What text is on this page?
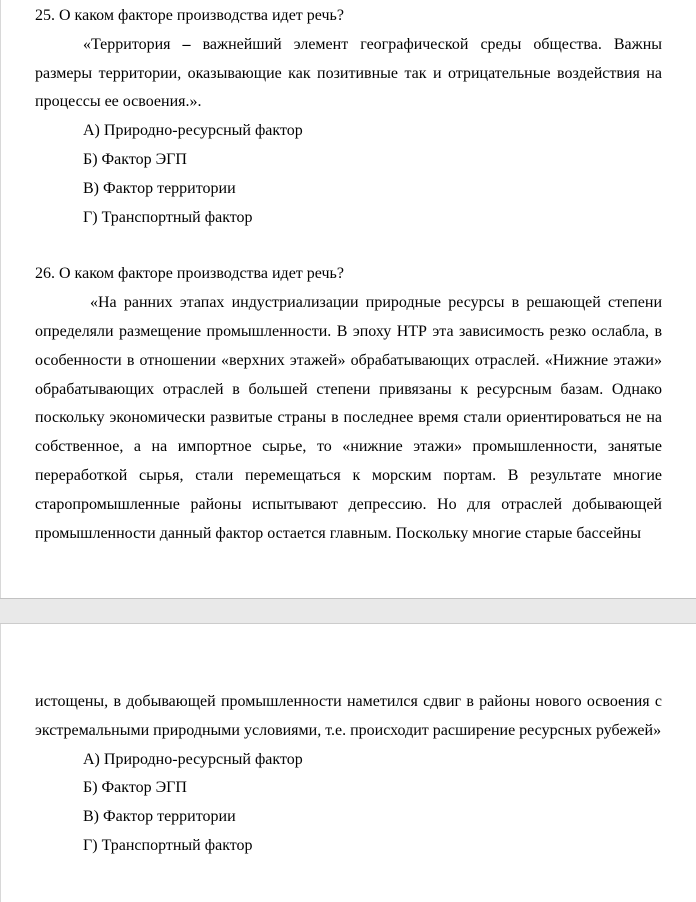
25. О каком факторе производства идет речь?

«Территория – важнейший элемент географической среды общества. Важны размеры территории, оказывающие как позитивные так и отрицательные воздействия на процессы ее освоения.».

А) Природно-ресурсный фактор

Б) Фактор ЭГП

В) Фактор территории

Г) Транспортный фактор

26. О каком факторе производства идет речь?

«На ранних этапах индустриализации природные ресурсы в решающей степени определяли размещение промышленности. В эпоху НТР эта зависимость резко ослабла, в особенности в отношении «верхних этажей» обрабатывающих отраслей. «Нижние этажи» обрабатывающих отраслей в большей степени привязаны к ресурсным базам. Однако поскольку экономически развитые страны в последнее время стали ориентироваться не на собственное, а на импортное сырье, то «нижние этажи» промышленности, занятые переработкой сырья, стали перемещаться к морским портам. В результате многие старопромышленные районы испытывают депрессию. Но для отраслей добывающей промышленности данный фактор остается главным. Поскольку многие старые бассейны

истощены, в добывающей промышленности наметился сдвиг в районы нового освоения с экстремальными природными условиями, т.е. происходит расширение ресурсных рубежей»

А) Природно-ресурсный фактор

Б) Фактор ЭГП

В) Фактор территории

Г) Транспортный фактор
